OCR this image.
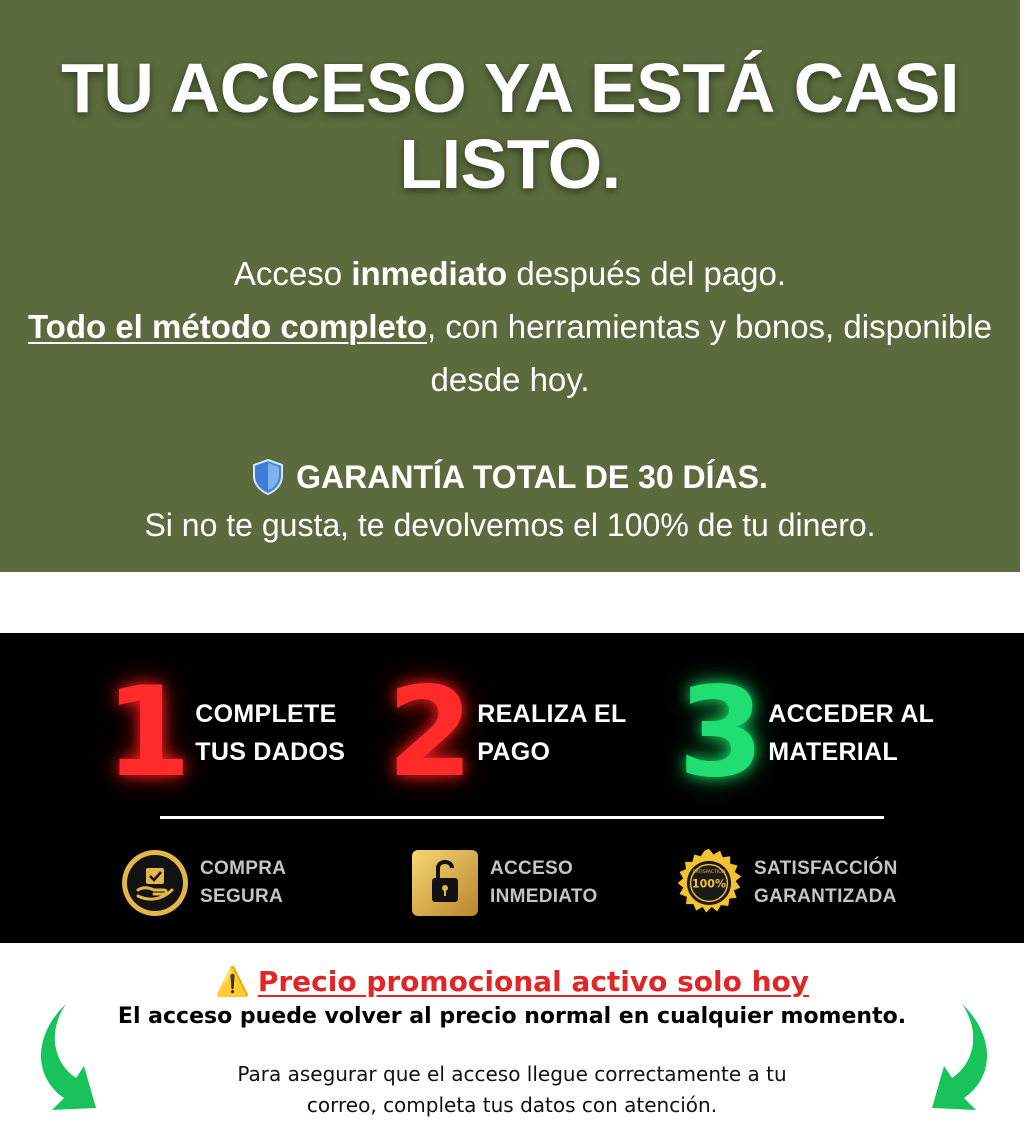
TU ACCESO YA ESTÁ CASI LISTO.

Acceso inmediato después del pago.
Todo el método completo, con herramientas y bonos, disponible desde hoy.

GARANTÍA TOTAL DE 30 DÍAS.
Si no te gusta, te devolvemos el 100% de tu dinero.
1 COMPLETE
TUS DADOS 2 REALIZA EL
PAGO	3 ACCEDER AL
MATERIAL
COMPRA
SEGURA
ACCESO
INMEDIATO
100%
SATISFACTION SATISFACCIÓN
GARANTIZADA
⚠️ Precio promocional activo solo hoy
El acceso puede volver al precio normal en cualquier momento.
Para asegurar que el acceso llegue correctamente a tu correo, completa tus datos con atención.
